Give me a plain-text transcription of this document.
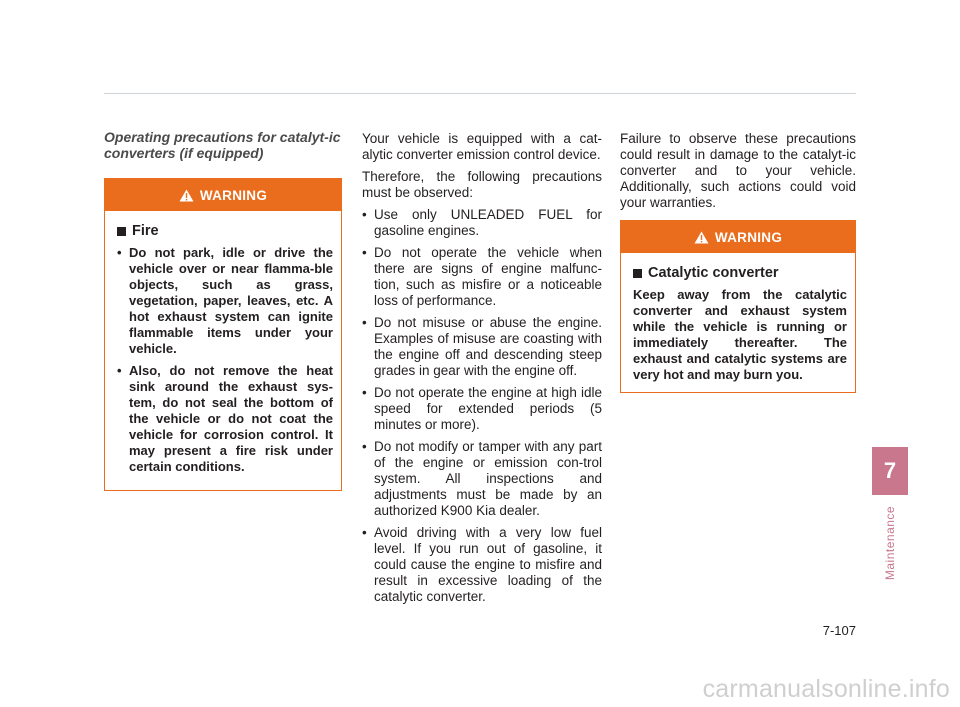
Operating precautions for catalyt-ic converters (if equipped)
WARNING
Fire
• Do not park, idle or drive the vehicle over or near flamma-ble objects, such as grass, vegetation, paper, leaves, etc. A hot exhaust system can ignite flammable items under your vehicle.
• Also, do not remove the heat sink around the exhaust sys-tem, do not seal the bottom of the vehicle or do not coat the vehicle for corrosion control. It may present a fire risk under certain conditions.

Your vehicle is equipped with a cat-alytic converter emission control device.

Therefore, the following precautions must be observed:

• Use only UNLEADED FUEL for gasoline engines.
• Do not operate the vehicle when there are signs of engine malfunc-tion, such as misfire or a noticeable loss of performance.
• Do not misuse or abuse the engine. Examples of misuse are coasting with the engine off and descending steep grades in gear with the engine off.
• Do not operate the engine at high idle speed for extended periods (5 minutes or more).
• Do not modify or tamper with any part of the engine or emission con-trol system. All inspections and adjustments must be made by an authorized K900 Kia dealer.
• Avoid driving with a very low fuel level. If you run out of gasoline, it could cause the engine to misfire and result in excessive loading of the catalytic converter.

Failure to observe these precautions could result in damage to the catalyt-ic converter and to your vehicle. Additionally, such actions could void your warranties.

WARNING
Catalytic converter

Keep away from the catalytic converter and exhaust system while the vehicle is running or immediately thereafter. The exhaust and catalytic systems are very hot and may burn you.

7
Maintenance
7-107
carmanualsonline.info
